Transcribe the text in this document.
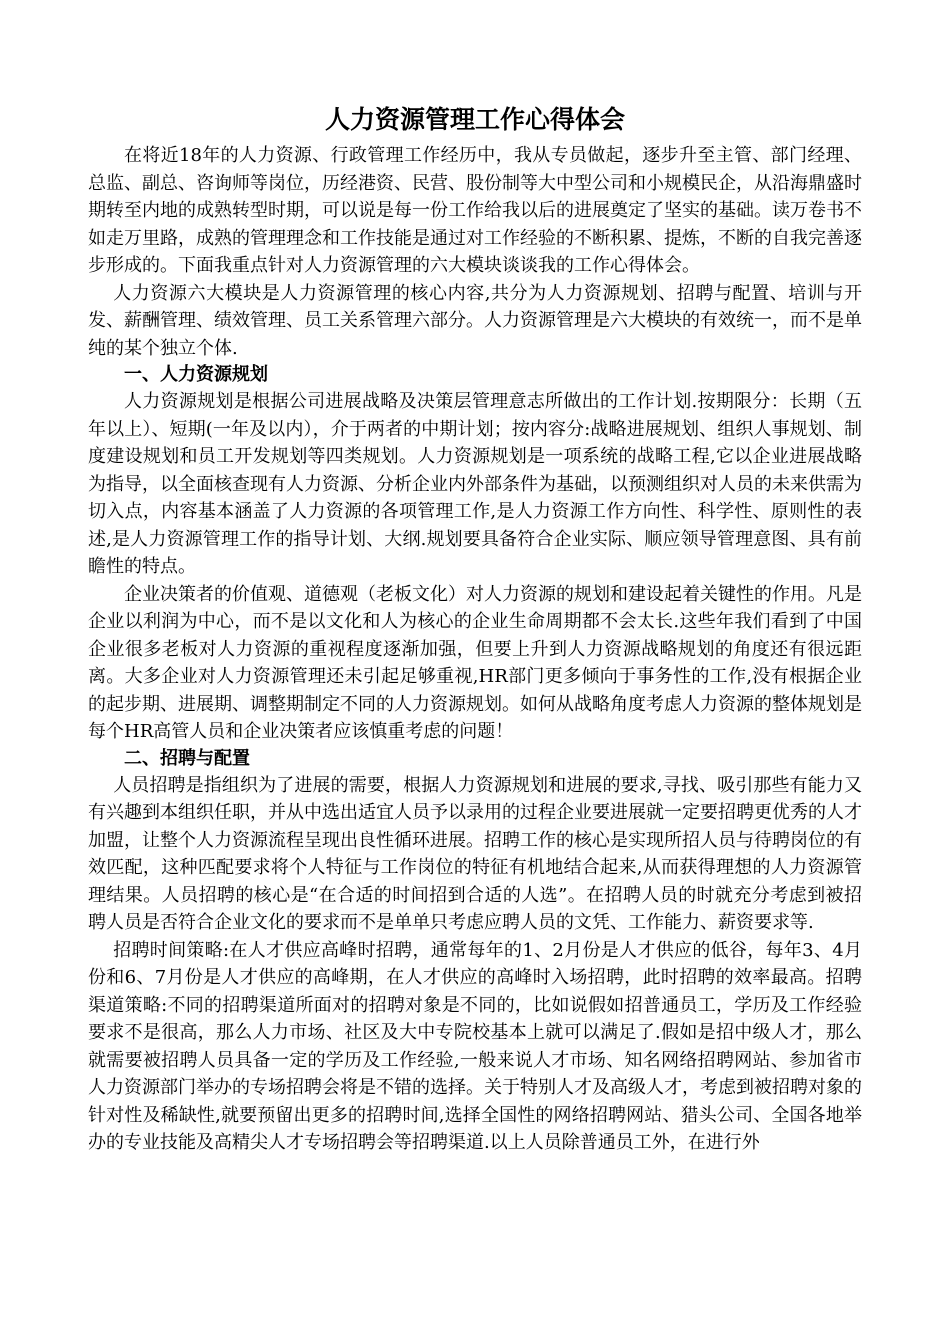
人力资源管理工作心得体会

在将近18年的人力资源、行政管理工作经历中，我从专员做起，逐步升至主管、部门经理、总监、副总、咨询师等岗位，历经港资、民营、股份制等大中型公司和小规模民企，从沿海鼎盛时期转至内地的成熟转型时期，可以说是每一份工作给我以后的进展奠定了坚实的基础。读万卷书不如走万里路，成熟的管理理念和工作技能是通过对工作经验的不断积累、提炼，不断的自我完善逐步形成的。下面我重点针对人力资源管理的六大模块谈谈我的工作心得体会。

人力资源六大模块是人力资源管理的核心内容,共分为人力资源规划、招聘与配置、培训与开发、薪酬管理、绩效管理、员工关系管理六部分。人力资源管理是六大模块的有效统一，而不是单纯的某个独立个体.

一、人力资源规划

人力资源规划是根据公司进展战略及决策层管理意志所做出的工作计划.按期限分：长期（五年以上）、短期(一年及以内），介于两者的中期计划；按内容分:战略进展规划、组织人事规划、制度建设规划和员工开发规划等四类规划。人力资源规划是一项系统的战略工程,它以企业进展战略为指导，以全面核查现有人力资源、分析企业内外部条件为基础，以预测组织对人员的未来供需为切入点，内容基本涵盖了人力资源的各项管理工作,是人力资源工作方向性、科学性、原则性的表述,是人力资源管理工作的指导计划、大纲.规划要具备符合企业实际、顺应领导管理意图、具有前瞻性的特点。

企业决策者的价值观、道德观（老板文化）对人力资源的规划和建设起着关键性的作用。凡是企业以利润为中心，而不是以文化和人为核心的企业生命周期都不会太长.这些年我们看到了中国企业很多老板对人力资源的重视程度逐渐加强，但要上升到人力资源战略规划的角度还有很远距离。大多企业对人力资源管理还未引起足够重视,HR部门更多倾向于事务性的工作,没有根据企业的起步期、进展期、调整期制定不同的人力资源规划。如何从战略角度考虑人力资源的整体规划是每个HR高管人员和企业决策者应该慎重考虑的问题！

二、招聘与配置

人员招聘是指组织为了进展的需要，根据人力资源规划和进展的要求,寻找、吸引那些有能力又有兴趣到本组织任职，并从中选出适宜人员予以录用的过程企业要进展就一定要招聘更优秀的人才加盟，让整个人力资源流程呈现出良性循环进展。招聘工作的核心是实现所招人员与待聘岗位的有效匹配，这种匹配要求将个人特征与工作岗位的特征有机地结合起来,从而获得理想的人力资源管理结果。人员招聘的核心是“在合适的时间招到合适的人选”。在招聘人员的时就充分考虑到被招聘人员是否符合企业文化的要求而不是单单只考虑应聘人员的文凭、工作能力、薪资要求等.

招聘时间策略:在人才供应高峰时招聘，通常每年的1、2月份是人才供应的低谷，每年3、4月份和6、7月份是人才供应的高峰期，在人才供应的高峰时入场招聘，此时招聘的效率最高。招聘渠道策略:不同的招聘渠道所面对的招聘对象是不同的，比如说假如招普通员工，学历及工作经验要求不是很高，那么人力市场、社区及大中专院校基本上就可以满足了.假如是招中级人才，那么就需要被招聘人员具备一定的学历及工作经验,一般来说人才市场、知名网络招聘网站、参加省市人力资源部门举办的专场招聘会将是不错的选择。关于特别人才及高级人才，考虑到被招聘对象的针对性及稀缺性,就要预留出更多的招聘时间,选择全国性的网络招聘网站、猎头公司、全国各地举办的专业技能及高精尖人才专场招聘会等招聘渠道.以上人员除普通员工外，在进行外
